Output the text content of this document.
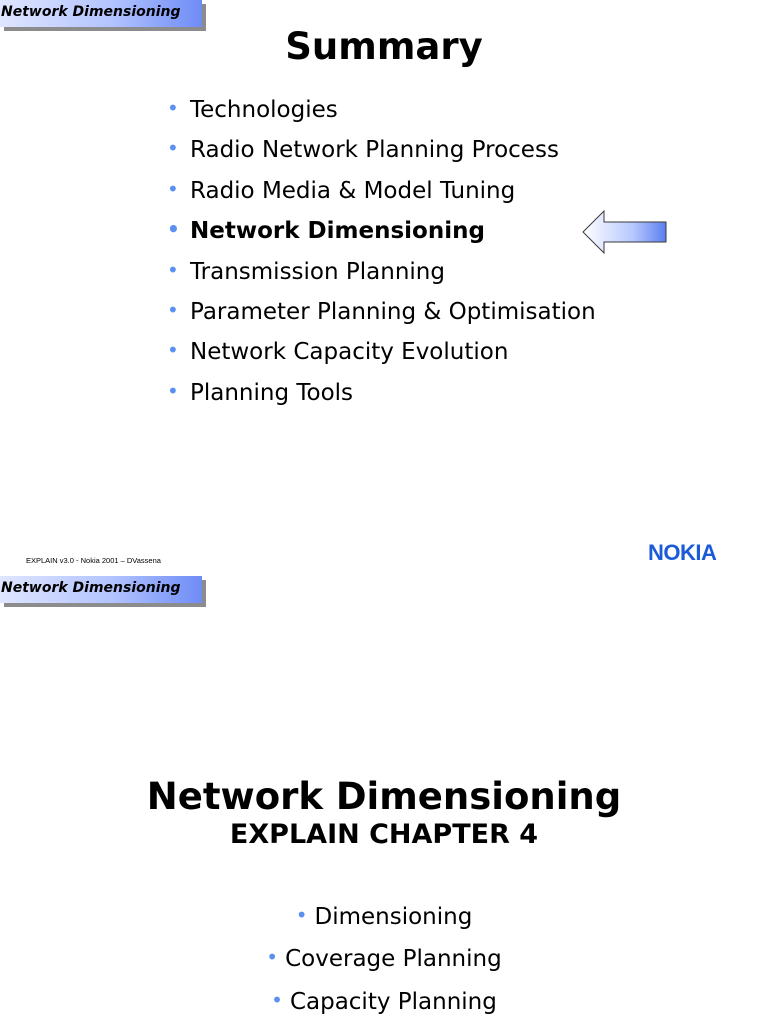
Network Dimensioning
Summary
• Technologies
• Radio Network Planning Process
• Radio Media & Model Tuning
• Network Dimensioning
• Transmission Planning
• Parameter Planning & Optimisation
• Network Capacity Evolution
• Planning Tools
EXPLAIN v3.0 - Nokia 2001 – DVassena	NOKIA
Network Dimensioning
Network Dimensioning
EXPLAIN CHAPTER 4
• Dimensioning
• Coverage Planning
• Capacity Planning
